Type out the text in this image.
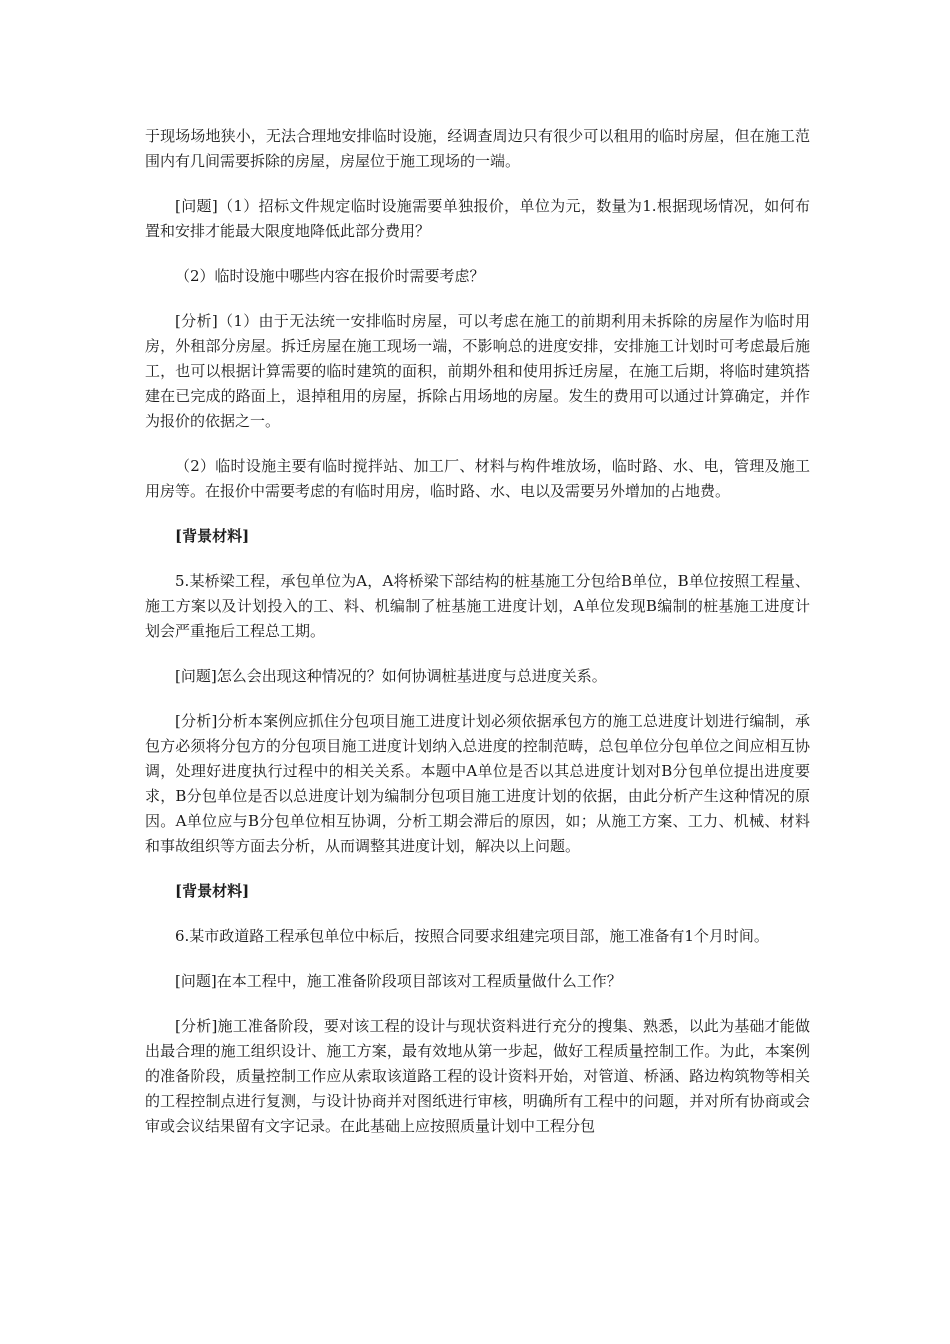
于现场场地狭小，无法合理地安排临时设施，经调查周边只有很少可以租用的临时房屋，但在施工范围内有几间需要拆除的房屋，房屋位于施工现场的一端。

[问题]（1）招标文件规定临时设施需要单独报价，单位为元，数量为1.根据现场情况，如何布置和安排才能最大限度地降低此部分费用？

（2）临时设施中哪些内容在报价时需要考虑？

[分析]（1）由于无法统一安排临时房屋，可以考虑在施工的前期利用未拆除的房屋作为临时用房，外租部分房屋。拆迁房屋在施工现场一端，不影响总的进度安排，安排施工计划时可考虑最后施工，也可以根据计算需要的临时建筑的面积，前期外租和使用拆迁房屋，在施工后期，将临时建筑搭建在已完成的路面上，退掉租用的房屋，拆除占用场地的房屋。发生的费用可以通过计算确定，并作为报价的依据之一。

（2）临时设施主要有临时搅拌站、加工厂、材料与构件堆放场，临时路、水、电，管理及施工用房等。在报价中需要考虑的有临时用房，临时路、水、电以及需要另外增加的占地费。

[背景材料]

5.某桥梁工程，承包单位为A，A将桥梁下部结构的桩基施工分包给B单位，B单位按照工程量、施工方案以及计划投入的工、料、机编制了桩基施工进度计划，A单位发现B编制的桩基施工进度计划会严重拖后工程总工期。

[问题]怎么会出现这种情况的？如何协调桩基进度与总进度关系。

[分析]分析本案例应抓住分包项目施工进度计划必须依据承包方的施工总进度计划进行编制，承包方必须将分包方的分包项目施工进度计划纳入总进度的控制范畴，总包单位分包单位之间应相互协调，处理好进度执行过程中的相关关系。本题中A单位是否以其总进度计划对B分包单位提出进度要求，B分包单位是否以总进度计划为编制分包项目施工进度计划的依据，由此分析产生这种情况的原因。A单位应与B分包单位相互协调，分析工期会滞后的原因，如；从施工方案、工力、机械、材料和事故组织等方面去分析，从而调整其进度计划，解决以上问题。

[背景材料]

6.某市政道路工程承包单位中标后，按照合同要求组建完项目部，施工准备有1个月时间。

[问题]在本工程中，施工准备阶段项目部该对工程质量做什么工作？

[分析]施工准备阶段，要对该工程的设计与现状资料进行充分的搜集、熟悉，以此为基础才能做出最合理的施工组织设计、施工方案，最有效地从第一步起，做好工程质量控制工作。为此，本案例的准备阶段，质量控制工作应从索取该道路工程的设计资料开始，对管道、桥涵、路边构筑物等相关的工程控制点进行复测，与设计协商并对图纸进行审核，明确所有工程中的问题，并对所有协商或会审或会议结果留有文字记录。在此基础上应按照质量计划中工程分包
